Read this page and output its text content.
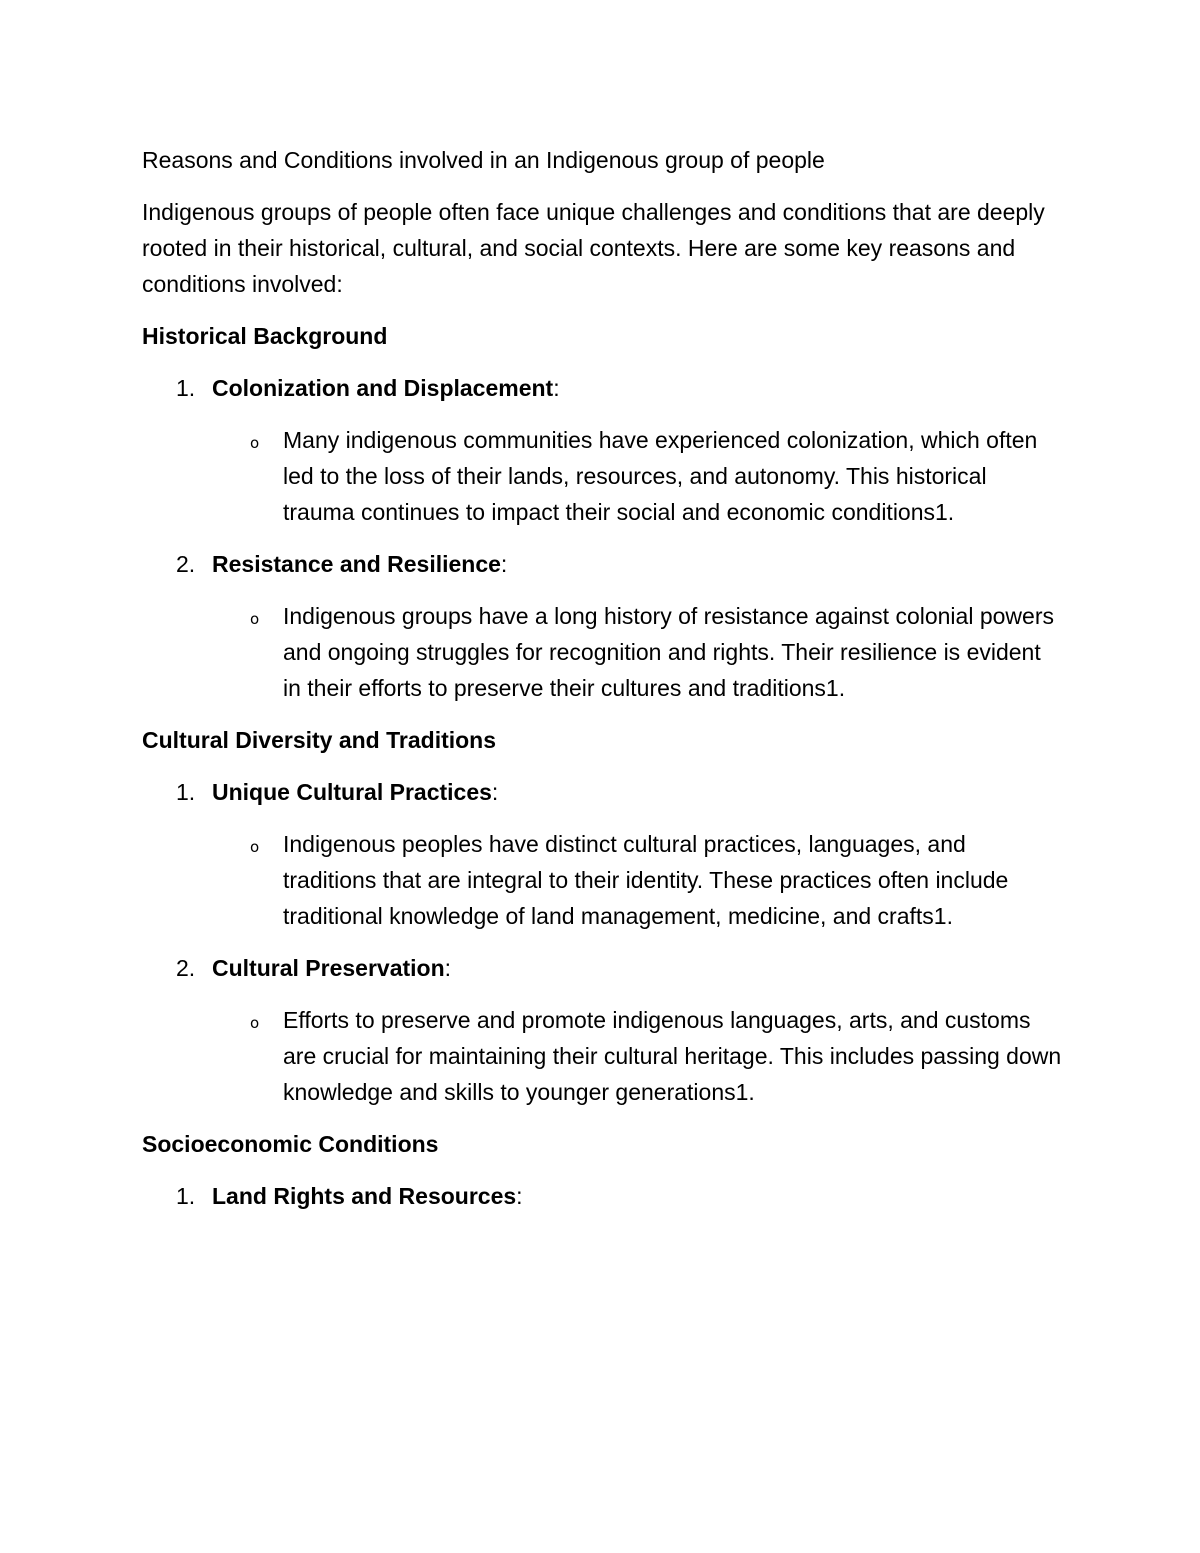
Reasons and Conditions involved in an Indigenous group of people

Indigenous groups of people often face unique challenges and conditions that are deeply rooted in their historical, cultural, and social contexts. Here are some key reasons and conditions involved:

Historical Background

1. Colonization and Displacement:
o Many indigenous communities have experienced colonization, which often led to the loss of their lands, resources, and autonomy. This historical trauma continues to impact their social and economic conditions1.
2. Resistance and Resilience:
o Indigenous groups have a long history of resistance against colonial powers and ongoing struggles for recognition and rights. Their resilience is evident in their efforts to preserve their cultures and traditions1.

Cultural Diversity and Traditions

1. Unique Cultural Practices:
o Indigenous peoples have distinct cultural practices, languages, and traditions that are integral to their identity. These practices often include traditional knowledge of land management, medicine, and crafts1.
2. Cultural Preservation:
o Efforts to preserve and promote indigenous languages, arts, and customs are crucial for maintaining their cultural heritage. This includes passing down knowledge and skills to younger generations1.

Socioeconomic Conditions

1. Land Rights and Resources:
